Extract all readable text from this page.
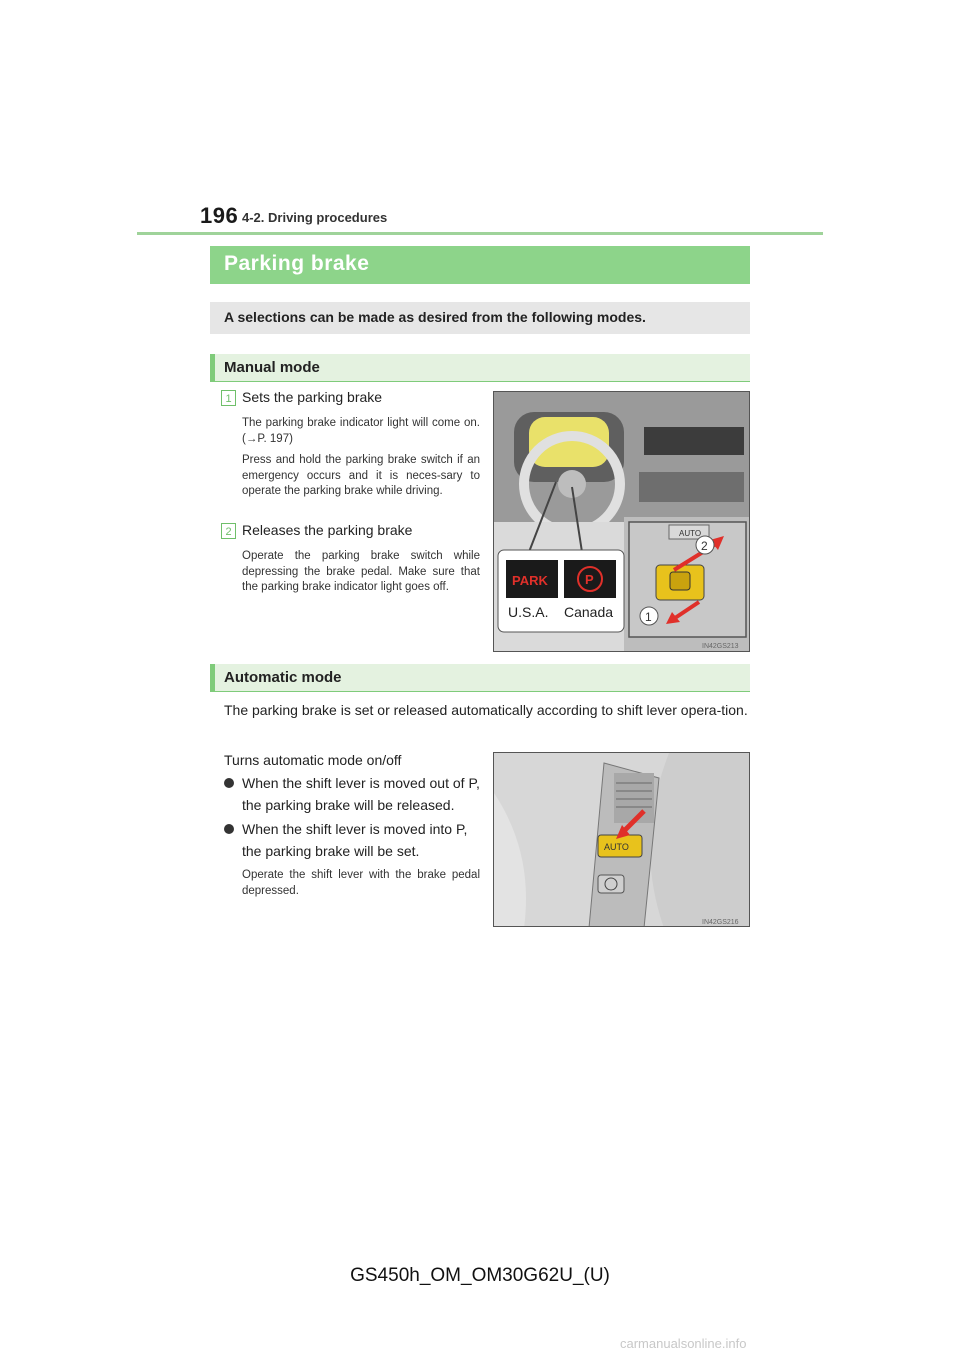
196 4-2. Driving procedures
Parking brake
A selections can be made as desired from the following modes.
Manual mode
1 Sets the parking brake
The parking brake indicator light will come on. (→P. 197)
Press and hold the parking brake switch if an emergency occurs and it is neces-sary to operate the parking brake while driving.
2 Releases the parking brake
Operate the parking brake switch while depressing the brake pedal. Make sure that the parking brake indicator light goes off.
AUTO
2
1
PARK	P
U.S.A. Canada
IN42GS213
Automatic mode
The parking brake is set or released automatically according to shift lever opera-tion.
Turns automatic mode on/off
When the shift lever is moved out of P, the parking brake will be released.
When the shift lever is moved into P, the parking brake will be set.
Operate the shift lever with the brake pedal depressed.
AUTO
IN42GS216
GS450h_OM_OM30G62U_(U)
carmanualsonline.info
